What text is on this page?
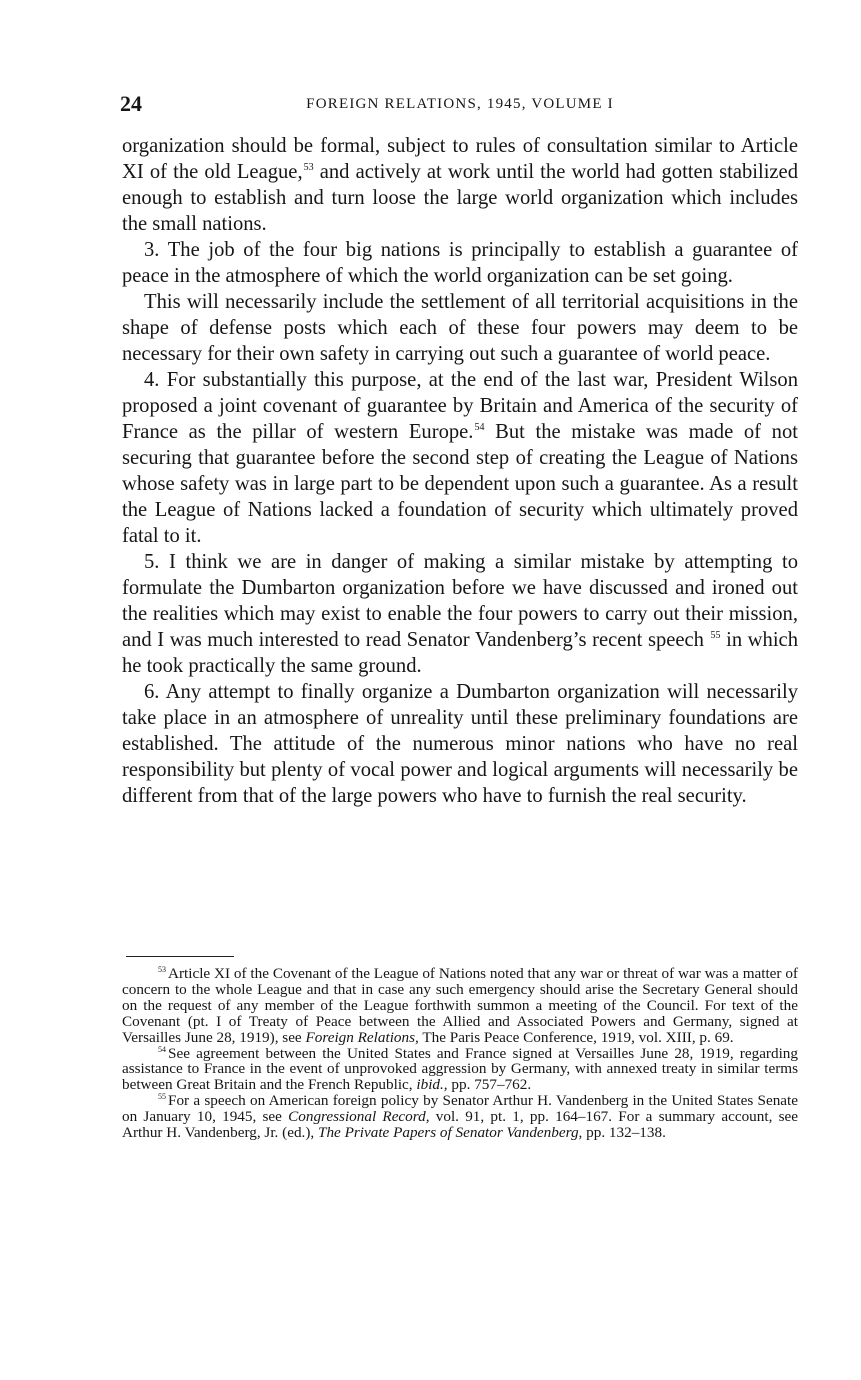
24	FOREIGN RELATIONS, 1945, VOLUME I

organization should be formal, subject to rules of consultation similar to Article XI of the old League,$^{53}$ and actively at work until the world had gotten stabilized enough to establish and turn loose the large world organization which includes the small nations.

3. The job of the four big nations is principally to establish a guarantee of peace in the atmosphere of which the world organization can be set going.

This will necessarily include the settlement of all territorial acquisitions in the shape of defense posts which each of these four powers may deem to be necessary for their own safety in carrying out such a guarantee of world peace.

4. For substantially this purpose, at the end of the last war, President Wilson proposed a joint covenant of guarantee by Britain and America of the security of France as the pillar of western Europe.$^{54}$ But the mistake was made of not securing that guarantee before the second step of creating the League of Nations whose safety was in large part to be dependent upon such a guarantee. As a result the League of Nations lacked a foundation of security which ultimately proved fatal to it.

5. I think we are in danger of making a similar mistake by attempting to formulate the Dumbarton organization before we have discussed and ironed out the realities which may exist to enable the four powers to carry out their mission, and I was much interested to read Senator Vandenberg’s recent speech $^{55}$ in which he took practically the same ground.

6. Any attempt to finally organize a Dumbarton organization will necessarily take place in an atmosphere of unreality until these preliminary foundations are established. The attitude of the numerous minor nations who have no real responsibility but plenty of vocal power and logical arguments will necessarily be different from that of the large powers who have to furnish the real security.

$^{53}$ Article XI of the Covenant of the League of Nations noted that any war or threat of war was a matter of concern to the whole League and that in case any such emergency should arise the Secretary General should on the request of any member of the League forthwith summon a meeting of the Council. For text of the Covenant (pt. I of Treaty of Peace between the Allied and Associated Powers and Germany, signed at Versailles June 28, 1919), see Foreign Relations, The Paris Peace Conference, 1919, vol. XIII, p. 69.

$^{54}$ See agreement between the United States and France signed at Versailles June 28, 1919, regarding assistance to France in the event of unprovoked aggression by Germany, with annexed treaty in similar terms between Great Britain and the French Republic, ibid., pp. 757–762.

$^{55}$ For a speech on American foreign policy by Senator Arthur H. Vandenberg in the United States Senate on January 10, 1945, see Congressional Record, vol. 91, pt. 1, pp. 164–167. For a summary account, see Arthur H. Vandenberg, Jr. (ed.), The Private Papers of Senator Vandenberg, pp. 132–138.
